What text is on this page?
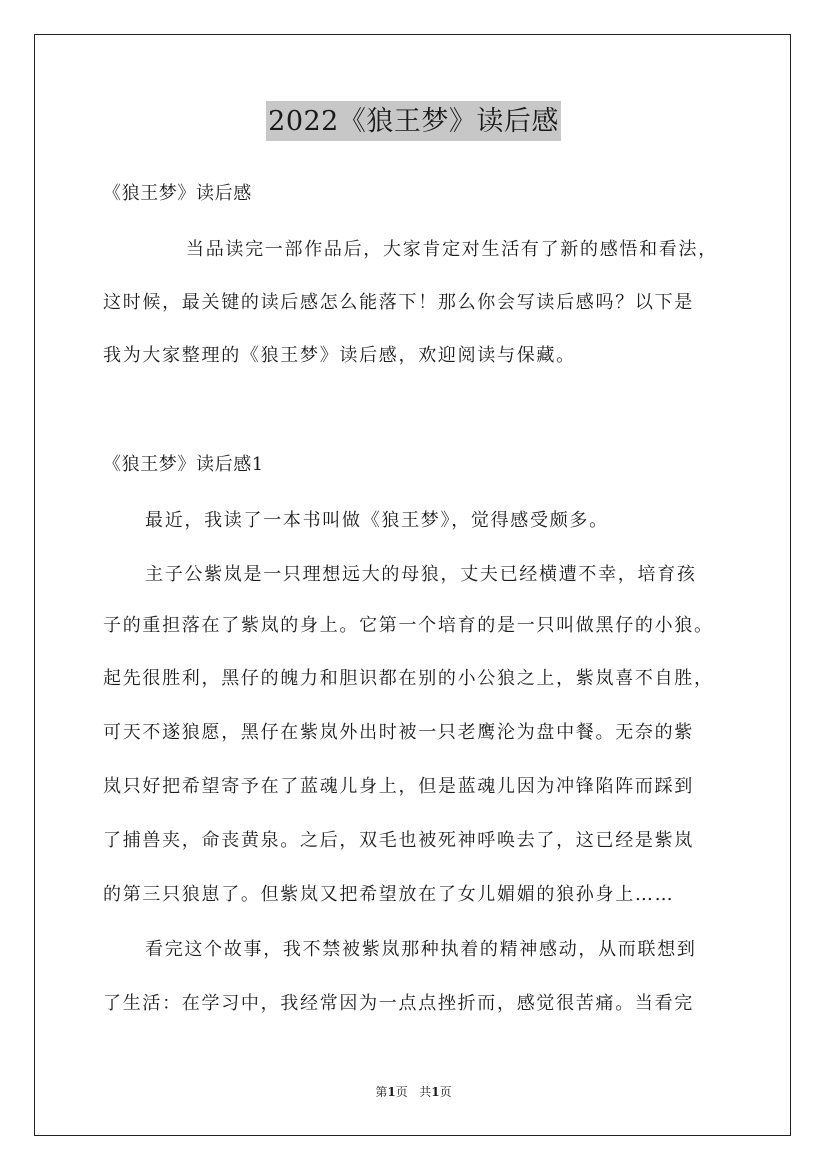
2022《狼王梦》读后感
《狼王梦》读后感
当品读完一部作品后，大家肯定对生活有了新的感悟和看法，
这时候，最关键的读后感怎么能落下！那么你会写读后感吗？以下是
我为大家整理的《狼王梦》读后感，欢迎阅读与保藏。
《狼王梦》读后感1
最近，我读了一本书叫做《狼王梦》，觉得感受颇多。
主子公紫岚是一只理想远大的母狼，丈夫已经横遭不幸，培育孩
子的重担落在了紫岚的身上。它第一个培育的是一只叫做黑仔的小狼。
起先很胜利，黑仔的魄力和胆识都在别的小公狼之上，紫岚喜不自胜，
可天不遂狼愿，黑仔在紫岚外出时被一只老鹰沦为盘中餐。无奈的紫
岚只好把希望寄予在了蓝魂儿身上，但是蓝魂儿因为冲锋陷阵而踩到
了捕兽夹，命丧黄泉。之后，双毛也被死神呼唤去了，这已经是紫岚
的第三只狼崽了。但紫岚又把希望放在了女儿媚媚的狼孙身上……
看完这个故事，我不禁被紫岚那种执着的精神感动，从而联想到
了生活：在学习中，我经常因为一点点挫折而，感觉很苦痛。当看完
第1页   共1页
